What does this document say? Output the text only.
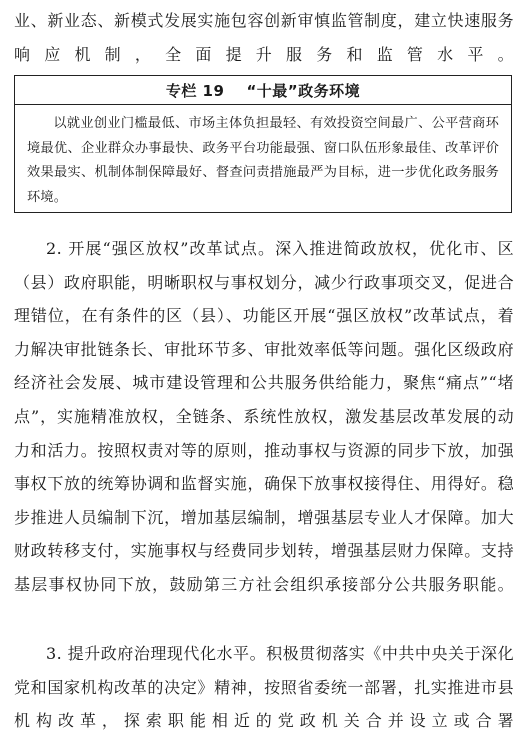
业、新业态、新模式发展实施包容创新审慎监管制度，建立快速服务响应机制，全面提升服务和监管水平。
专栏 19 “十最”政务环境
以就业创业门槛最低、市场主体负担最轻、有效投资空间最广、公平营商环境最优、企业群众办事最快、政务平台功能最强、窗口队伍形象最佳、改革评价效果最实、机制体制保障最好、督查问责措施最严为目标，进一步优化政务服务环境。
2. 开展“强区放权”改革试点。深入推进简政放权，优化市、区（县）政府职能，明晰职权与事权划分，减少行政事项交叉，促进合理错位，在有条件的区（县）、功能区开展“强区放权”改革试点，着力解决审批链条长、审批环节多、审批效率低等问题。强化区级政府经济社会发展、城市建设管理和公共服务供给能力，聚焦“痛点”“堵点”，实施精准放权，全链条、系统性放权，激发基层改革发展的动力和活力。按照权责对等的原则，推动事权与资源的同步下放，加强事权下放的统筹协调和监督实施，确保下放事权接得住、用得好。稳步推进人员编制下沉，增加基层编制，增强基层专业人才保障。加大财政转移支付，实施事权与经费同步划转，增强基层财力保障。支持基层事权协同下放，鼓励第三方社会组织承接部分公共服务职能。
3. 提升政府治理现代化水平。积极贯彻落实《中共中央关于深化党和国家机构改革的决定》精神，按照省委统一部署，扎实推进市县机构改革，探索职能相近的党政机关合并设立或合署
